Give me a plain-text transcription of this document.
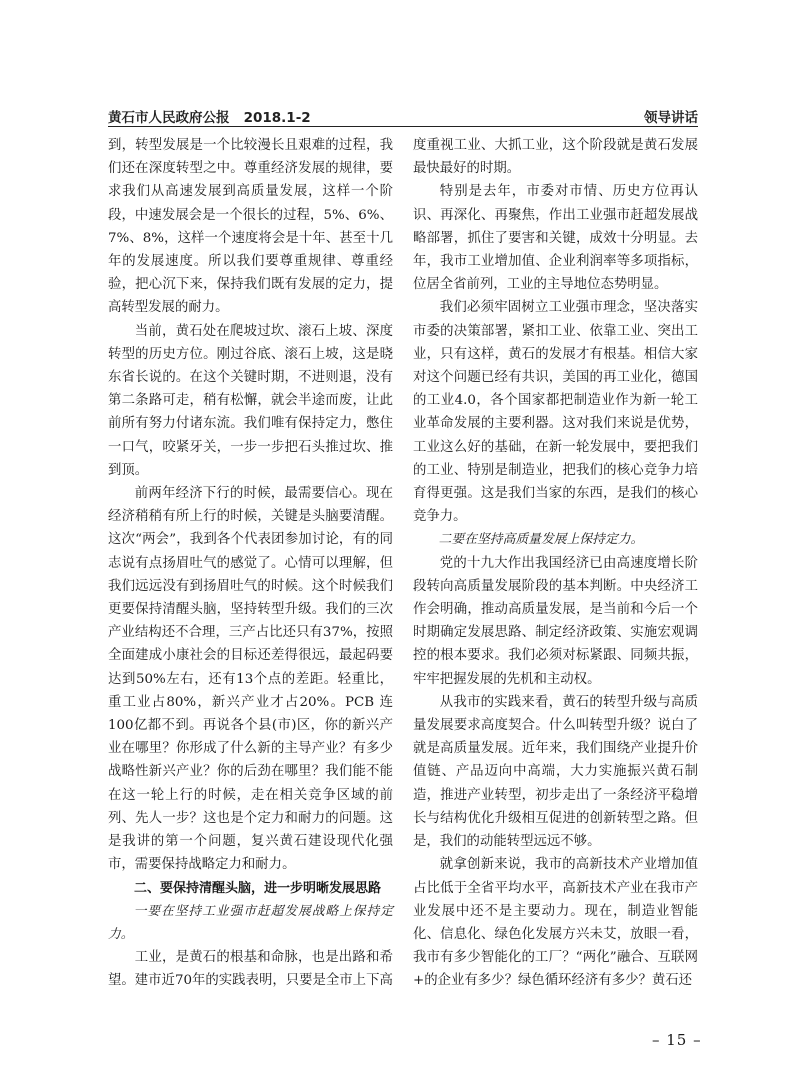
黄石市人民政府公报   2018.1-2	领导讲话

到，转型发展是一个比较漫长且艰难的过程，我们还在深度转型之中。尊重经济发展的规律，要求我们从高速发展到高质量发展，这样一个阶段，中速发展会是一个很长的过程，5%、6%、7%、8%，这样一个速度将会是十年、甚至十几年的发展速度。所以我们要尊重规律、尊重经验，把心沉下来，保持我们既有发展的定力，提高转型发展的耐力。

当前，黄石处在爬坡过坎、滚石上坡、深度转型的历史方位。刚过谷底、滚石上坡，这是晓东省长说的。在这个关键时期，不进则退，没有第二条路可走，稍有松懈，就会半途而废，让此前所有努力付诸东流。我们唯有保持定力，憋住一口气，咬紧牙关，一步一步把石头推过坎、推到顶。

前两年经济下行的时候，最需要信心。现在经济稍稍有所上行的时候，关键是头脑要清醒。这次“两会”，我到各个代表团参加讨论，有的同志说有点扬眉吐气的感觉了。心情可以理解，但我们远远没有到扬眉吐气的时候。这个时候我们更要保持清醒头脑，坚持转型升级。我们的三次产业结构还不合理，三产占比还只有37%，按照全面建成小康社会的目标还差得很远，最起码要达到50%左右，还有13个点的差距。轻重比，重工业占80%，新兴产业才占20%。PCB 连100亿都不到。再说各个县(市)区，你的新兴产业在哪里？你形成了什么新的主导产业？有多少战略性新兴产业？你的后劲在哪里？我们能不能在这一轮上行的时候，走在相关竞争区域的前列、先人一步？这也是个定力和耐力的问题。这是我讲的第一个问题，复兴黄石建设现代化强市，需要保持战略定力和耐力。

二、要保持清醒头脑，进一步明晰发展思路

一要在坚持工业强市赶超发展战略上保持定力。

工业，是黄石的根基和命脉，也是出路和希望。建市近70年的实践表明，只要是全市上下高

度重视工业、大抓工业，这个阶段就是黄石发展最快最好的时期。

特别是去年，市委对市情、历史方位再认识、再深化、再聚焦，作出工业强市赶超发展战略部署，抓住了要害和关键，成效十分明显。去年，我市工业增加值、企业利润率等多项指标，位居全省前列，工业的主导地位态势明显。

我们必须牢固树立工业强市理念，坚决落实市委的决策部署，紧扣工业、依靠工业、突出工业，只有这样，黄石的发展才有根基。相信大家对这个问题已经有共识，美国的再工业化，德国的工业4.0，各个国家都把制造业作为新一轮工业革命发展的主要利器。这对我们来说是优势，工业这么好的基础，在新一轮发展中，要把我们的工业、特别是制造业，把我们的核心竞争力培育得更强。这是我们当家的东西，是我们的核心竞争力。

二要在坚持高质量发展上保持定力。

党的十九大作出我国经济已由高速度增长阶段转向高质量发展阶段的基本判断。中央经济工作会明确，推动高质量发展，是当前和今后一个时期确定发展思路、制定经济政策、实施宏观调控的根本要求。我们必须对标紧跟、同频共振，牢牢把握发展的先机和主动权。

从我市的实践来看，黄石的转型升级与高质量发展要求高度契合。什么叫转型升级？说白了就是高质量发展。近年来，我们围绕产业提升价值链、产品迈向中高端，大力实施振兴黄石制造，推进产业转型，初步走出了一条经济平稳增长与结构优化升级相互促进的创新转型之路。但是，我们的动能转型远远不够。

就拿创新来说，我市的高新技术产业增加值占比低于全省平均水平，高新技术产业在我市产业发展中还不是主要动力。现在，制造业智能化、信息化、绿色化发展方兴未艾，放眼一看，我市有多少智能化的工厂？“两化”融合、互联网+的企业有多少？绿色循环经济有多少？黄石还

– 15 –
